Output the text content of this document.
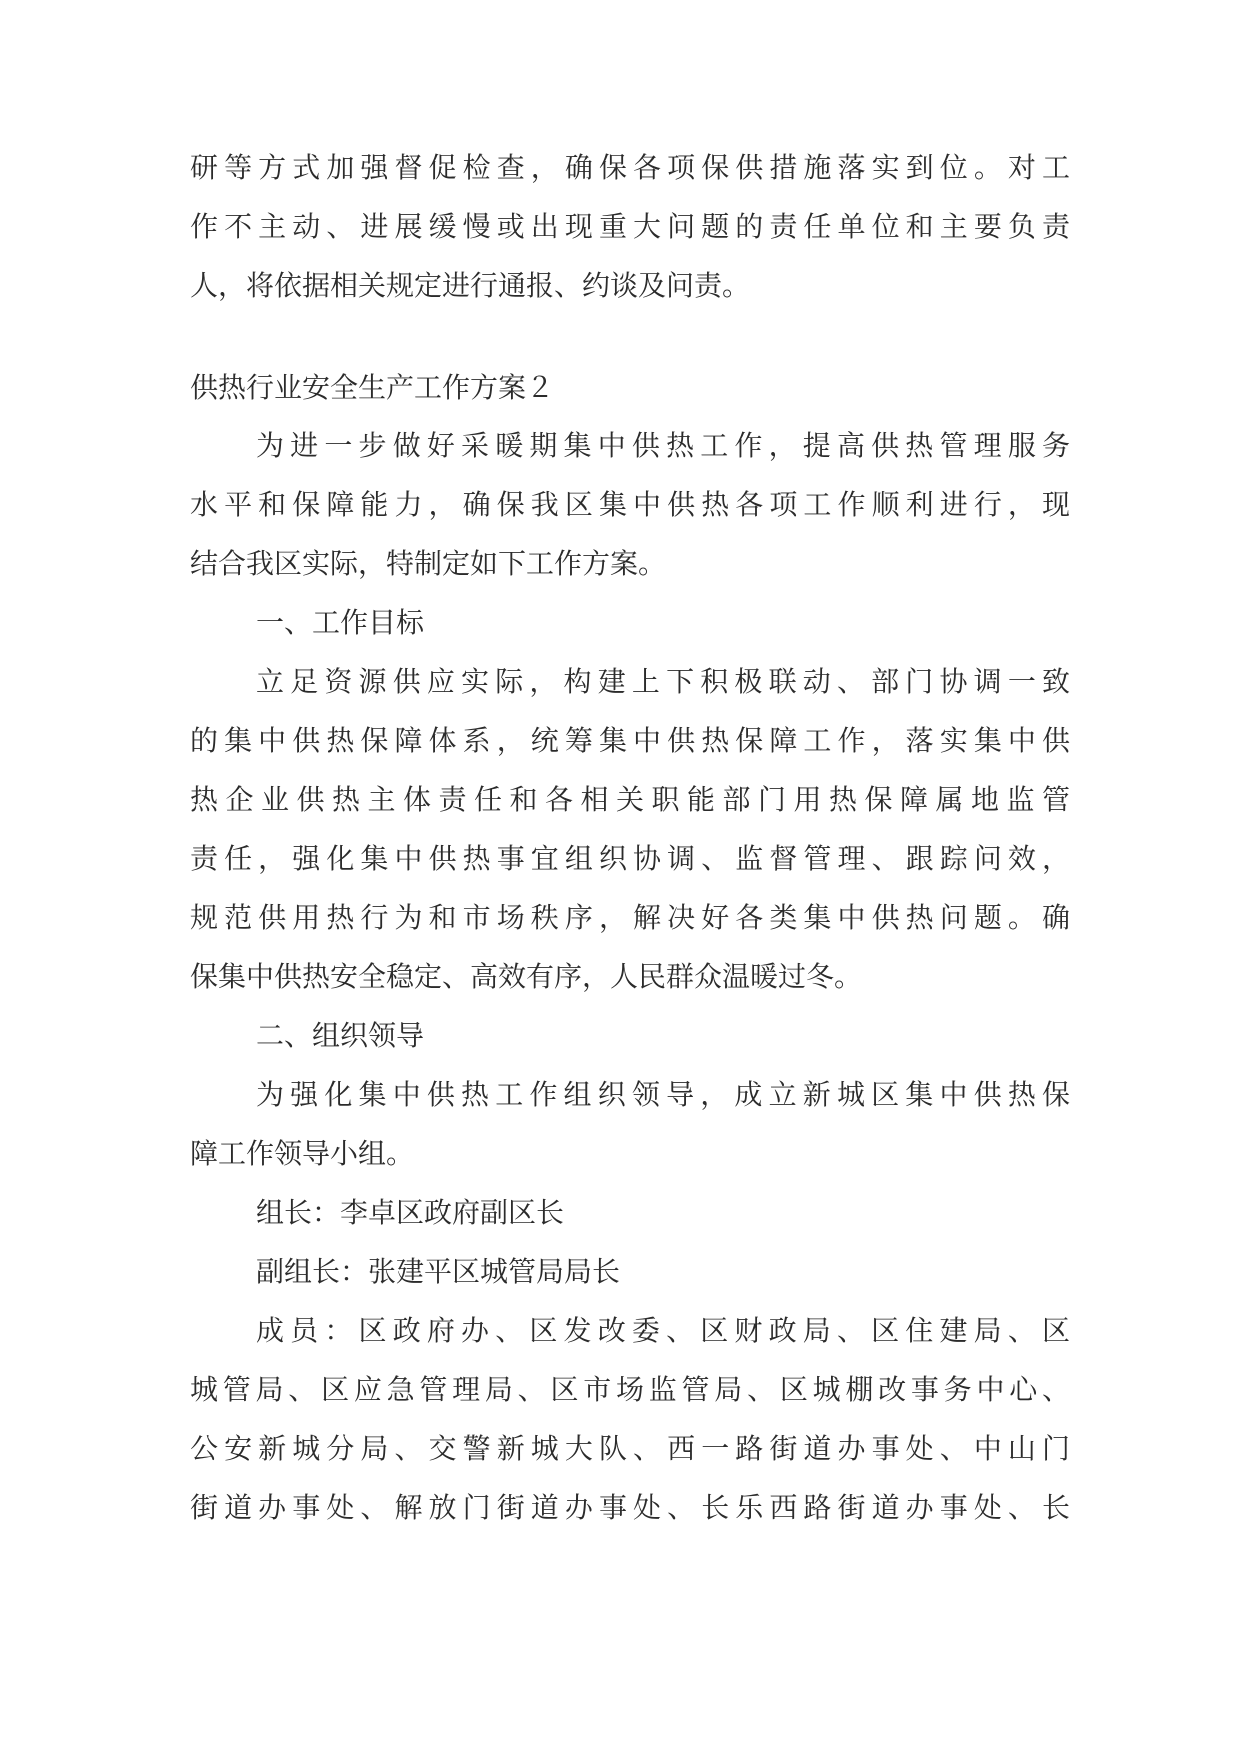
研等方式加强督促检查，确保各项保供措施落实到位。对工
作不主动、进展缓慢或出现重大问题的责任单位和主要负责
人，将依据相关规定进行通报、约谈及问责。
供热行业安全生产工作方案２
为进一步做好采暖期集中供热工作，提高供热管理服务
水平和保障能力，确保我区集中供热各项工作顺利进行，现
结合我区实际，特制定如下工作方案。
一、工作目标
立足资源供应实际，构建上下积极联动、部门协调一致
的集中供热保障体系，统筹集中供热保障工作，落实集中供
热企业供热主体责任和各相关职能部门用热保障属地监管
责任，强化集中供热事宜组织协调、监督管理、跟踪问效，
规范供用热行为和市场秩序，解决好各类集中供热问题。确
保集中供热安全稳定、高效有序，人民群众温暖过冬。
二、组织领导
为强化集中供热工作组织领导，成立新城区集中供热保
障工作领导小组。
组长：李卓区政府副区长
副组长：张建平区城管局局长
成员：区政府办、区发改委、区财政局、区住建局、区
城管局、区应急管理局、区市场监管局、区城棚改事务中心、
公安新城分局、交警新城大队、西一路街道办事处、中山门
街道办事处、解放门街道办事处、长乐西路街道办事处、长
